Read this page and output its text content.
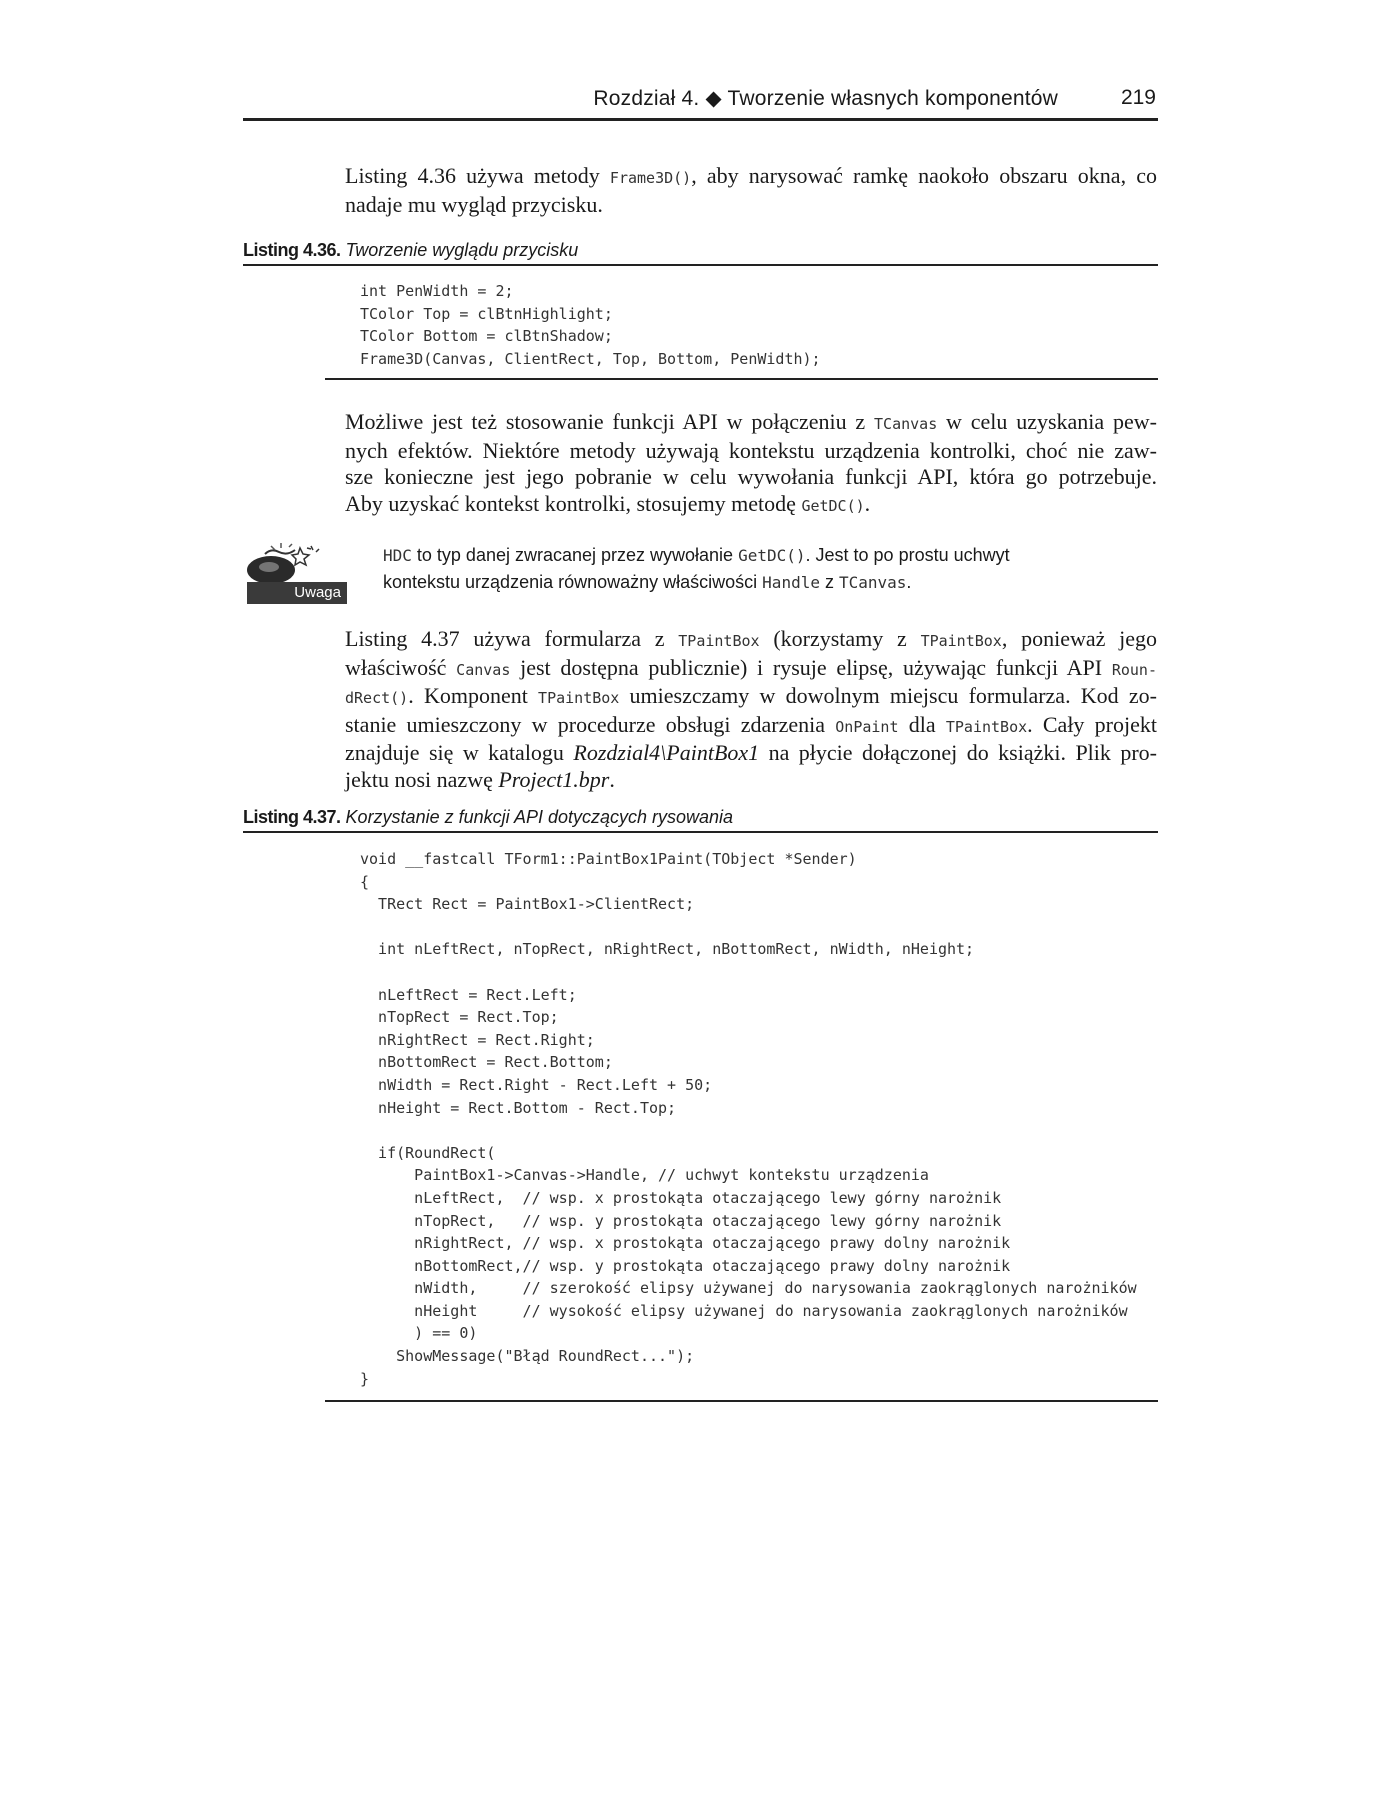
Rozdział 4. ◆ Tworzenie własnych komponentów	219
Listing 4.36 używa metody Frame3D(), aby narysować ramkę naokoło obszaru okna, co
nadaje mu wygląd przycisku.
Listing 4.36. Tworzenie wyglądu przycisku
int PenWidth = 2;
TColor Top = clBtnHighlight;
TColor Bottom = clBtnShadow;
Frame3D(Canvas, ClientRect, Top, Bottom, PenWidth);
Możliwe jest też stosowanie funkcji API w połączeniu z TCanvas w celu uzyskania pew-
nych efektów. Niektóre metody używają kontekstu urządzenia kontrolki, choć nie zaw-
sze konieczne jest jego pobranie w celu wywołania funkcji API, która go potrzebuje.
Aby uzyskać kontekst kontrolki, stosujemy metodę GetDC().
Uwaga
HDC to typ danej zwracanej przez wywołanie GetDC(). Jest to po prostu uchwyt
kontekstu urządzenia równoważny właściwości Handle z TCanvas.
Listing 4.37 używa formularza z TPaintBox (korzystamy z TPaintBox, ponieważ jego
właściwość Canvas jest dostępna publicznie) i rysuje elipsę, używając funkcji API Roun-
dRect(). Komponent TPaintBox umieszczamy w dowolnym miejscu formularza. Kod zo-
stanie umieszczony w procedurze obsługi zdarzenia OnPaint dla TPaintBox. Cały projekt
znajduje się w katalogu Rozdzial4\PaintBox1 na płycie dołączonej do książki. Plik pro-
jektu nosi nazwę Project1.bpr.
Listing 4.37. Korzystanie z funkcji API dotyczących rysowania
void __fastcall TForm1::PaintBox1Paint(TObject *Sender)
{
TRect Rect = PaintBox1->ClientRect;

int nLeftRect, nTopRect, nRightRect, nBottomRect, nWidth, nHeight;

nLeftRect = Rect.Left;
nTopRect = Rect.Top;
nRightRect = Rect.Right;
nBottomRect = Rect.Bottom;
nWidth = Rect.Right - Rect.Left + 50;
nHeight = Rect.Bottom - Rect.Top;

if(RoundRect(
PaintBox1->Canvas->Handle, // uchwyt kontekstu urządzenia
nLeftRect,  // wsp. x prostokąta otaczającego lewy górny narożnik
nTopRect,   // wsp. y prostokąta otaczającego lewy górny narożnik
nRightRect, // wsp. x prostokąta otaczającego prawy dolny narożnik
nBottomRect,// wsp. y prostokąta otaczającego prawy dolny narożnik
nWidth,     // szerokość elipsy używanej do narysowania zaokrąglonych narożników
nHeight     // wysokość elipsy używanej do narysowania zaokrąglonych narożników
) == 0)
ShowMessage("Błąd RoundRect...");
}
